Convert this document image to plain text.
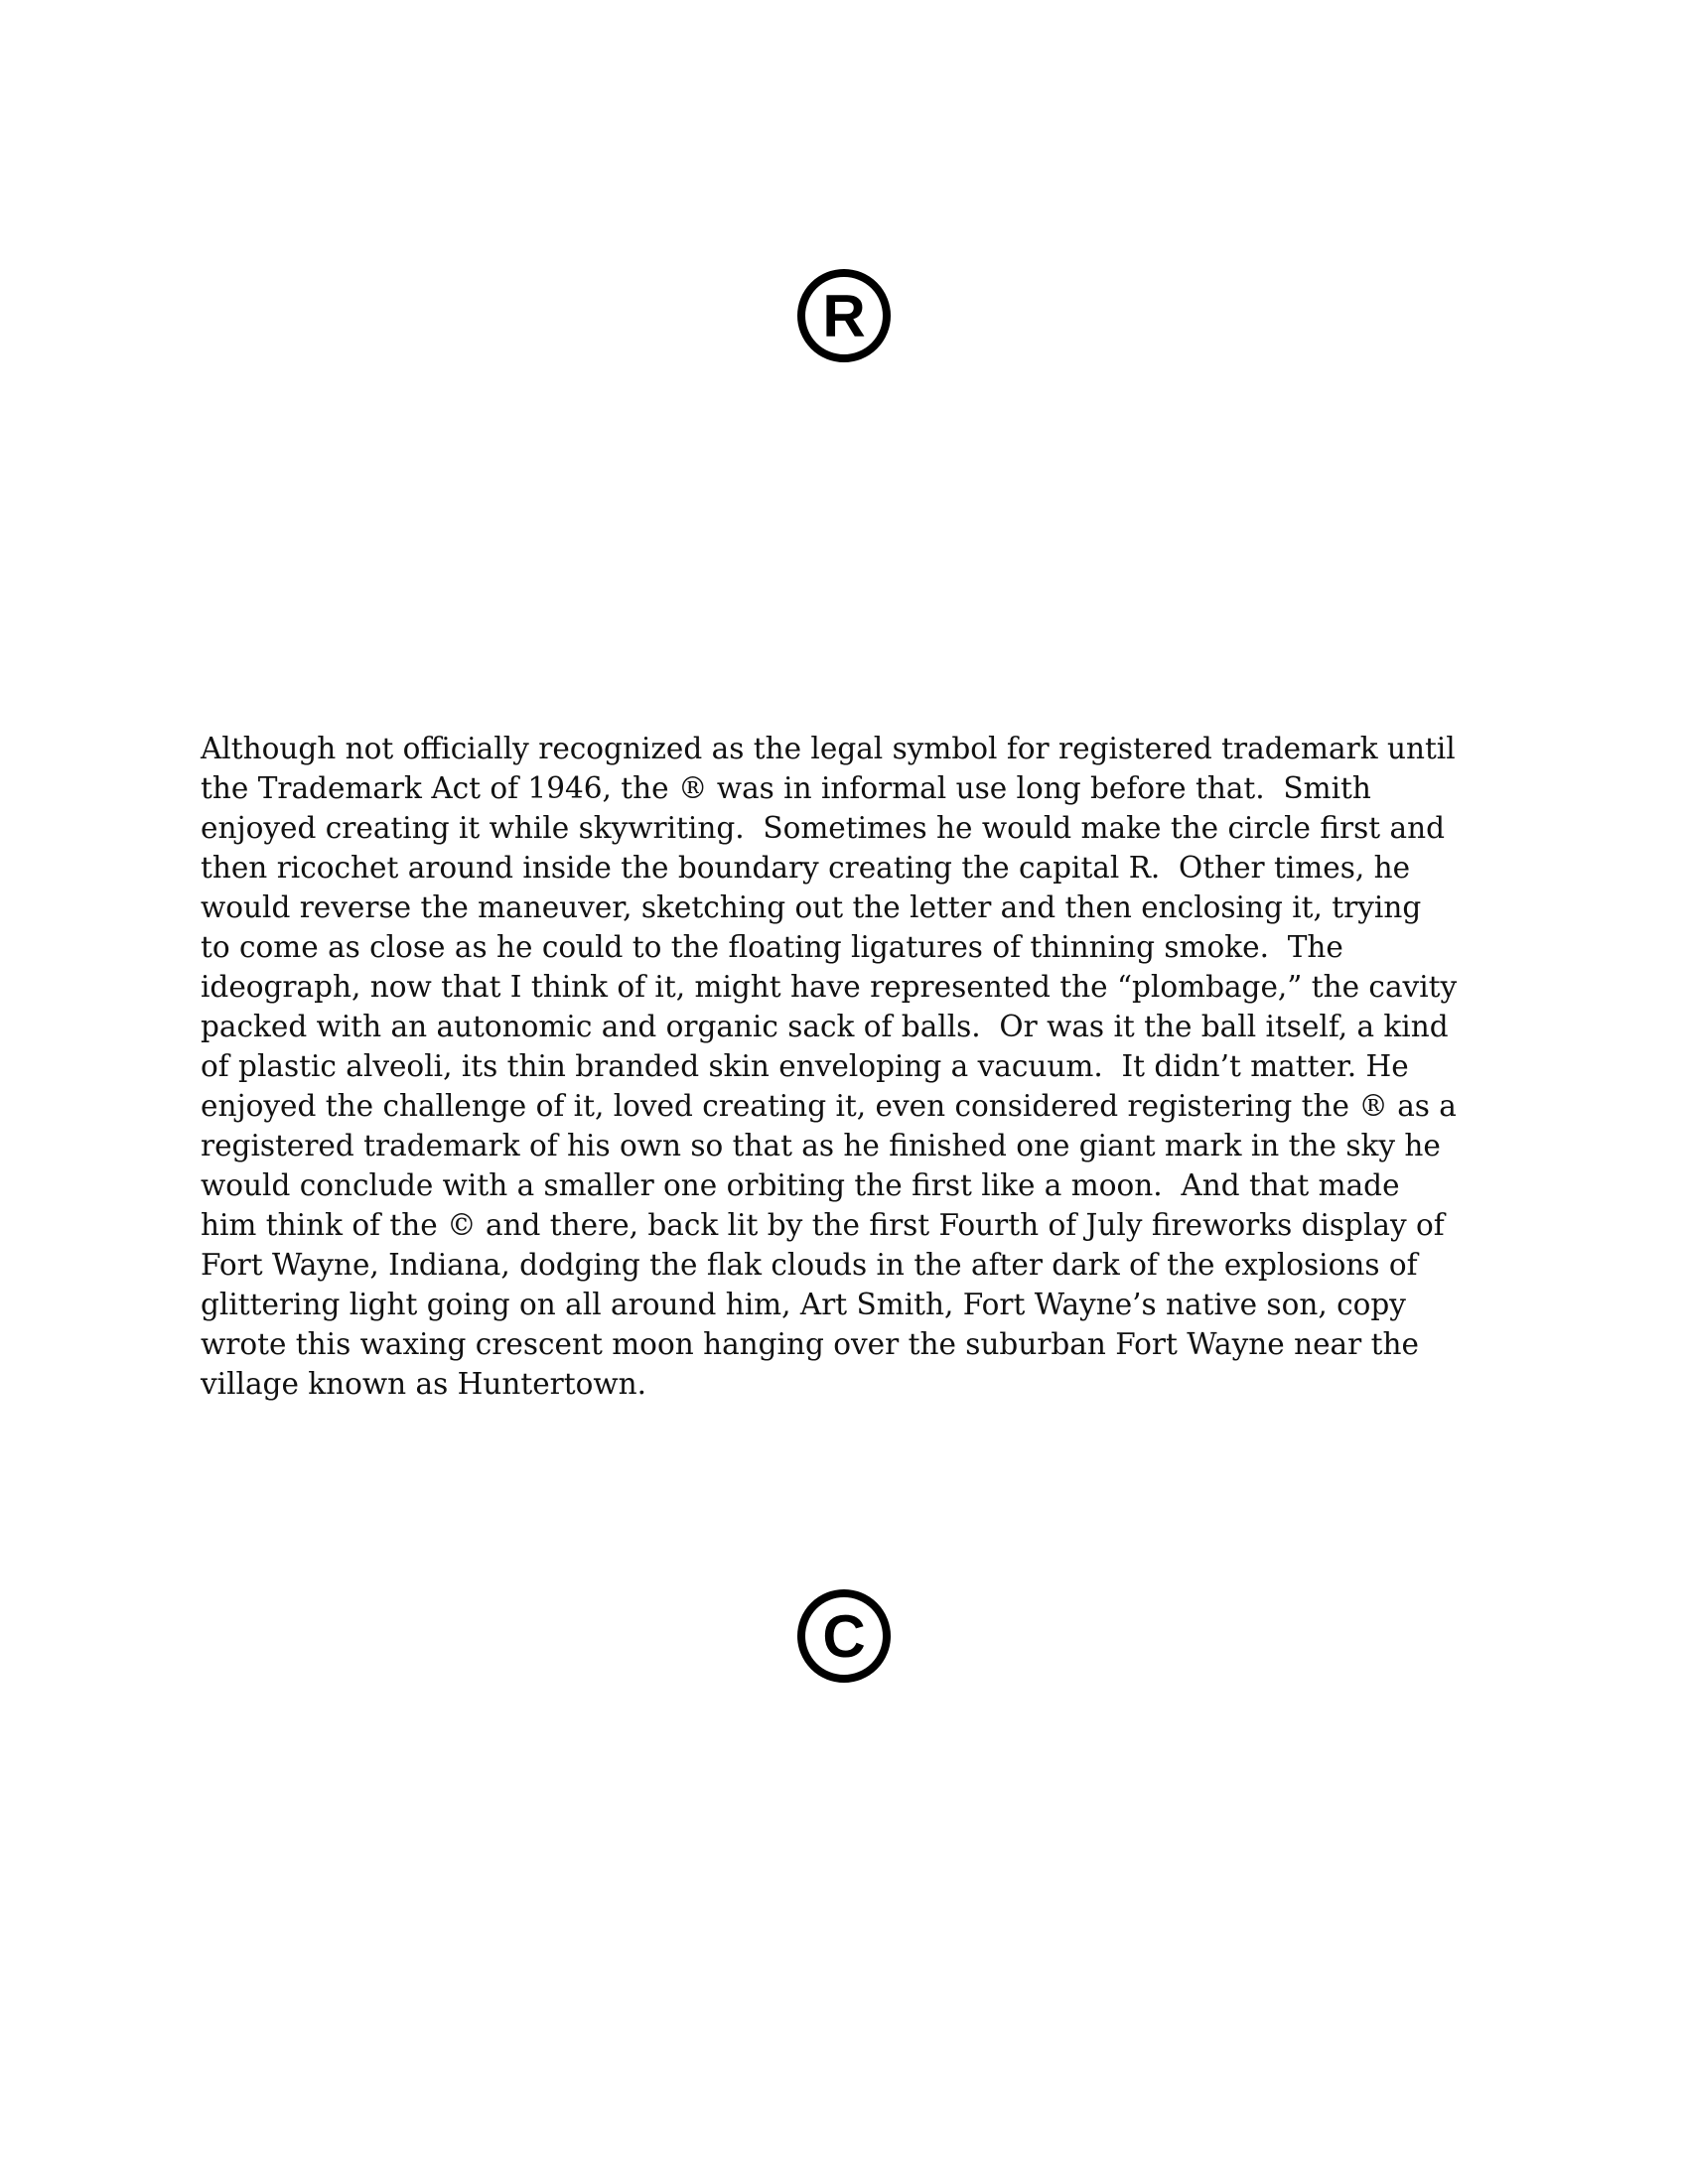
R
Although not officially recognized as the legal symbol for registered trademark until
the Trademark Act of 1946, the ® was in informal use long before that.  Smith
enjoyed creating it while skywriting.  Sometimes he would make the circle first and
then ricochet around inside the boundary creating the capital R.  Other times, he
would reverse the maneuver, sketching out the letter and then enclosing it, trying
to come as close as he could to the floating ligatures of thinning smoke.  The
ideograph, now that I think of it, might have represented the “plombage,” the cavity
packed with an autonomic and organic sack of balls.  Or was it the ball itself, a kind
of plastic alveoli, its thin branded skin enveloping a vacuum.  It didn’t matter. He
enjoyed the challenge of it, loved creating it, even considered registering the ® as a
registered trademark of his own so that as he finished one giant mark in the sky he
would conclude with a smaller one orbiting the first like a moon.  And that made
him think of the © and there, back lit by the first Fourth of July fireworks display of
Fort Wayne, Indiana, dodging the flak clouds in the after dark of the explosions of
glittering light going on all around him, Art Smith, Fort Wayne’s native son, copy
wrote this waxing crescent moon hanging over the suburban Fort Wayne near the
village known as Huntertown.
C
